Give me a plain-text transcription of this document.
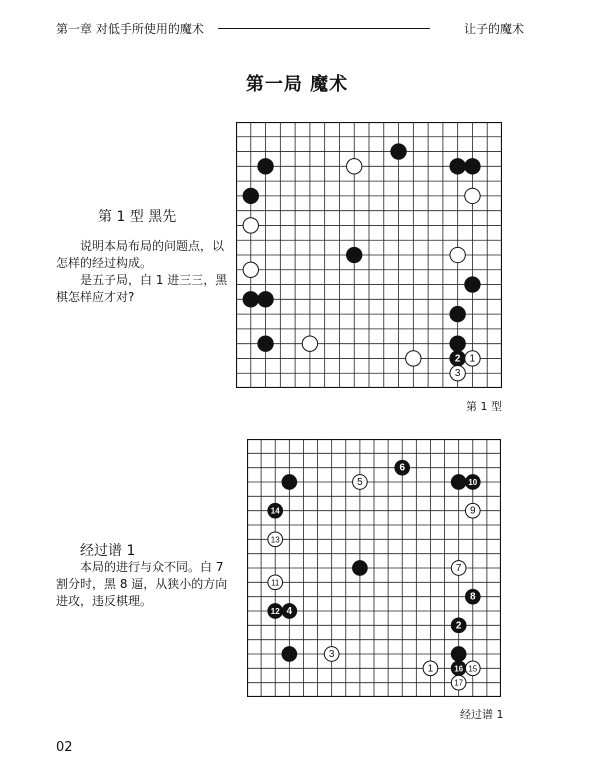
第一章 对低手所使用的魔术	让子的魔术
第一局 魔术
第 1 型 黑先

说明本局布局的问题点，以怎样的经过构成。

是五子局，白 1 进三三，黑棋怎样应才对?

2 1
3
第 1 型
经过谱 1

本局的进行与众不同。白 7 割分时，黑 8 逼，从狭小的方向进攻，违反棋理。

6
5	10
14	9
13
7
11
8
12 4
2
3
1	16 15
17
经过谱 1
02
